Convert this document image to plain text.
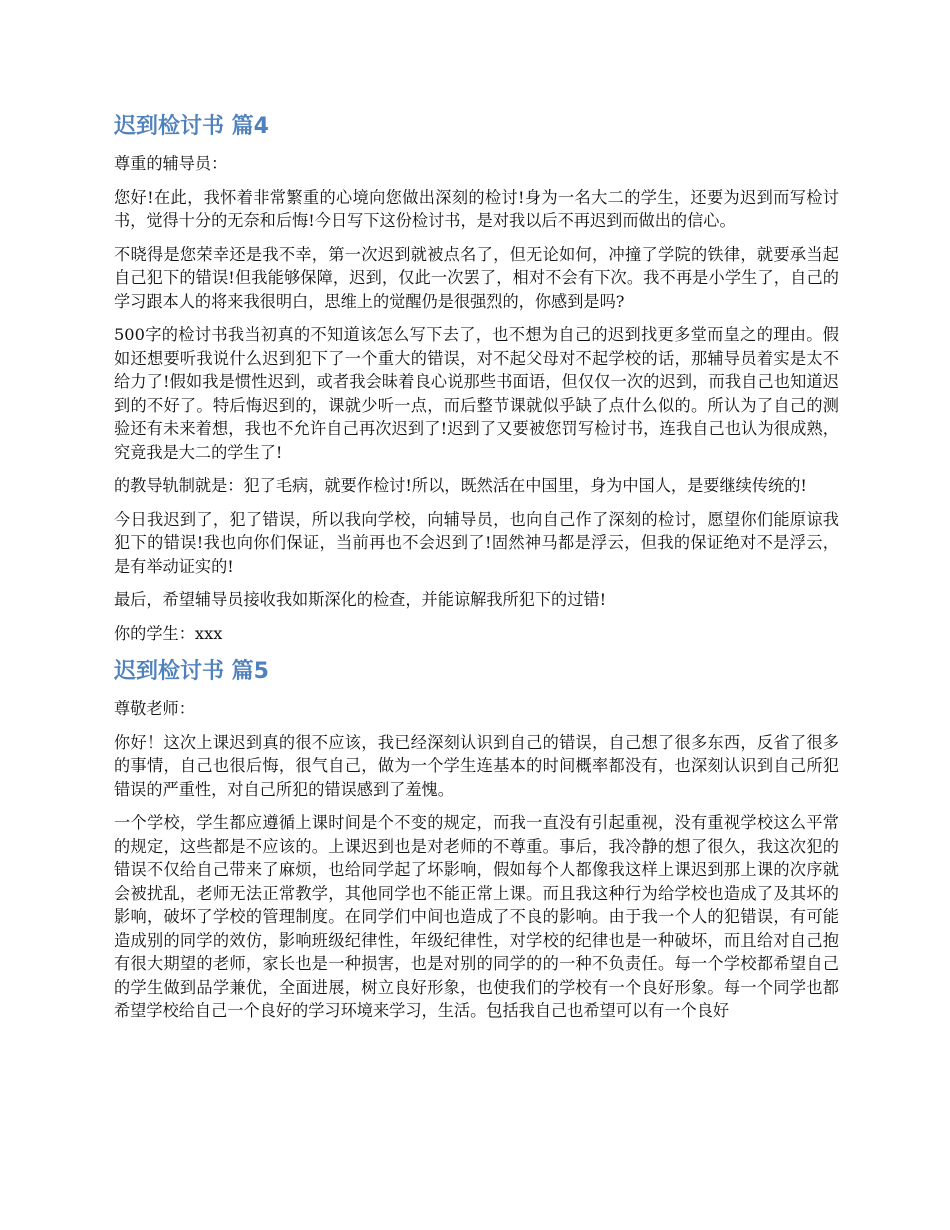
迟到检讨书 篇4

尊重的辅导员：

您好!在此，我怀着非常繁重的心境向您做出深刻的检讨!身为一名大二的学生，还要为迟到而写检讨书，觉得十分的无奈和后悔!今日写下这份检讨书，是对我以后不再迟到而做出的信心。

不晓得是您荣幸还是我不幸，第一次迟到就被点名了，但无论如何，冲撞了学院的铁律，就要承当起自己犯下的错误!但我能够保障，迟到，仅此一次罢了，相对不会有下次。我不再是小学生了，自己的学习跟本人的将来我很明白，思维上的觉醒仍是很强烈的，你感到是吗?

500字的检讨书我当初真的不知道该怎么写下去了，也不想为自己的迟到找更多堂而皇之的理由。假如还想要听我说什么迟到犯下了一个重大的错误，对不起父母对不起学校的话，那辅导员着实是太不给力了!假如我是惯性迟到，或者我会昧着良心说那些书面语，但仅仅一次的迟到，而我自己也知道迟到的不好了。特后悔迟到的，课就少听一点，而后整节课就似乎缺了点什么似的。所认为了自己的测验还有未来着想，我也不允许自己再次迟到了!迟到了又要被您罚写检讨书，连我自己也认为很成熟，究竟我是大二的学生了!

的教导轨制就是：犯了毛病，就要作检讨!所以，既然活在中国里，身为中国人，是要继续传统的!

今日我迟到了，犯了错误，所以我向学校，向辅导员，也向自己作了深刻的检讨，愿望你们能原谅我犯下的错误!我也向你们保证，当前再也不会迟到了!固然神马都是浮云，但我的保证绝对不是浮云，是有举动证实的!

最后，希望辅导员接收我如斯深化的检查，并能谅解我所犯下的过错!

你的学生：xxx

迟到检讨书 篇5

尊敬老师：

你好！这次上课迟到真的很不应该，我已经深刻认识到自己的错误，自己想了很多东西，反省了很多的事情，自己也很后悔，很气自己，做为一个学生连基本的时间概率都没有，也深刻认识到自己所犯错误的严重性，对自己所犯的错误感到了羞愧。

一个学校，学生都应遵循上课时间是个不变的规定，而我一直没有引起重视，没有重视学校这么平常的规定，这些都是不应该的。上课迟到也是对老师的不尊重。事后，我冷静的想了很久，我这次犯的错误不仅给自己带来了麻烦，也给同学起了坏影响，假如每个人都像我这样上课迟到那上课的次序就会被扰乱，老师无法正常教学，其他同学也不能正常上课。而且我这种行为给学校也造成了及其坏的影响，破坏了学校的管理制度。在同学们中间也造成了不良的影响。由于我一个人的犯错误，有可能造成别的同学的效仿，影响班级纪律性，年级纪律性，对学校的纪律也是一种破坏，而且给对自己抱有很大期望的老师，家长也是一种损害，也是对别的同学的的一种不负责任。每一个学校都希望自己的学生做到品学兼优，全面进展，树立良好形象，也使我们的学校有一个良好形象。每一个同学也都希望学校给自己一个良好的学习环境来学习，生活。包括我自己也希望可以有一个良好
